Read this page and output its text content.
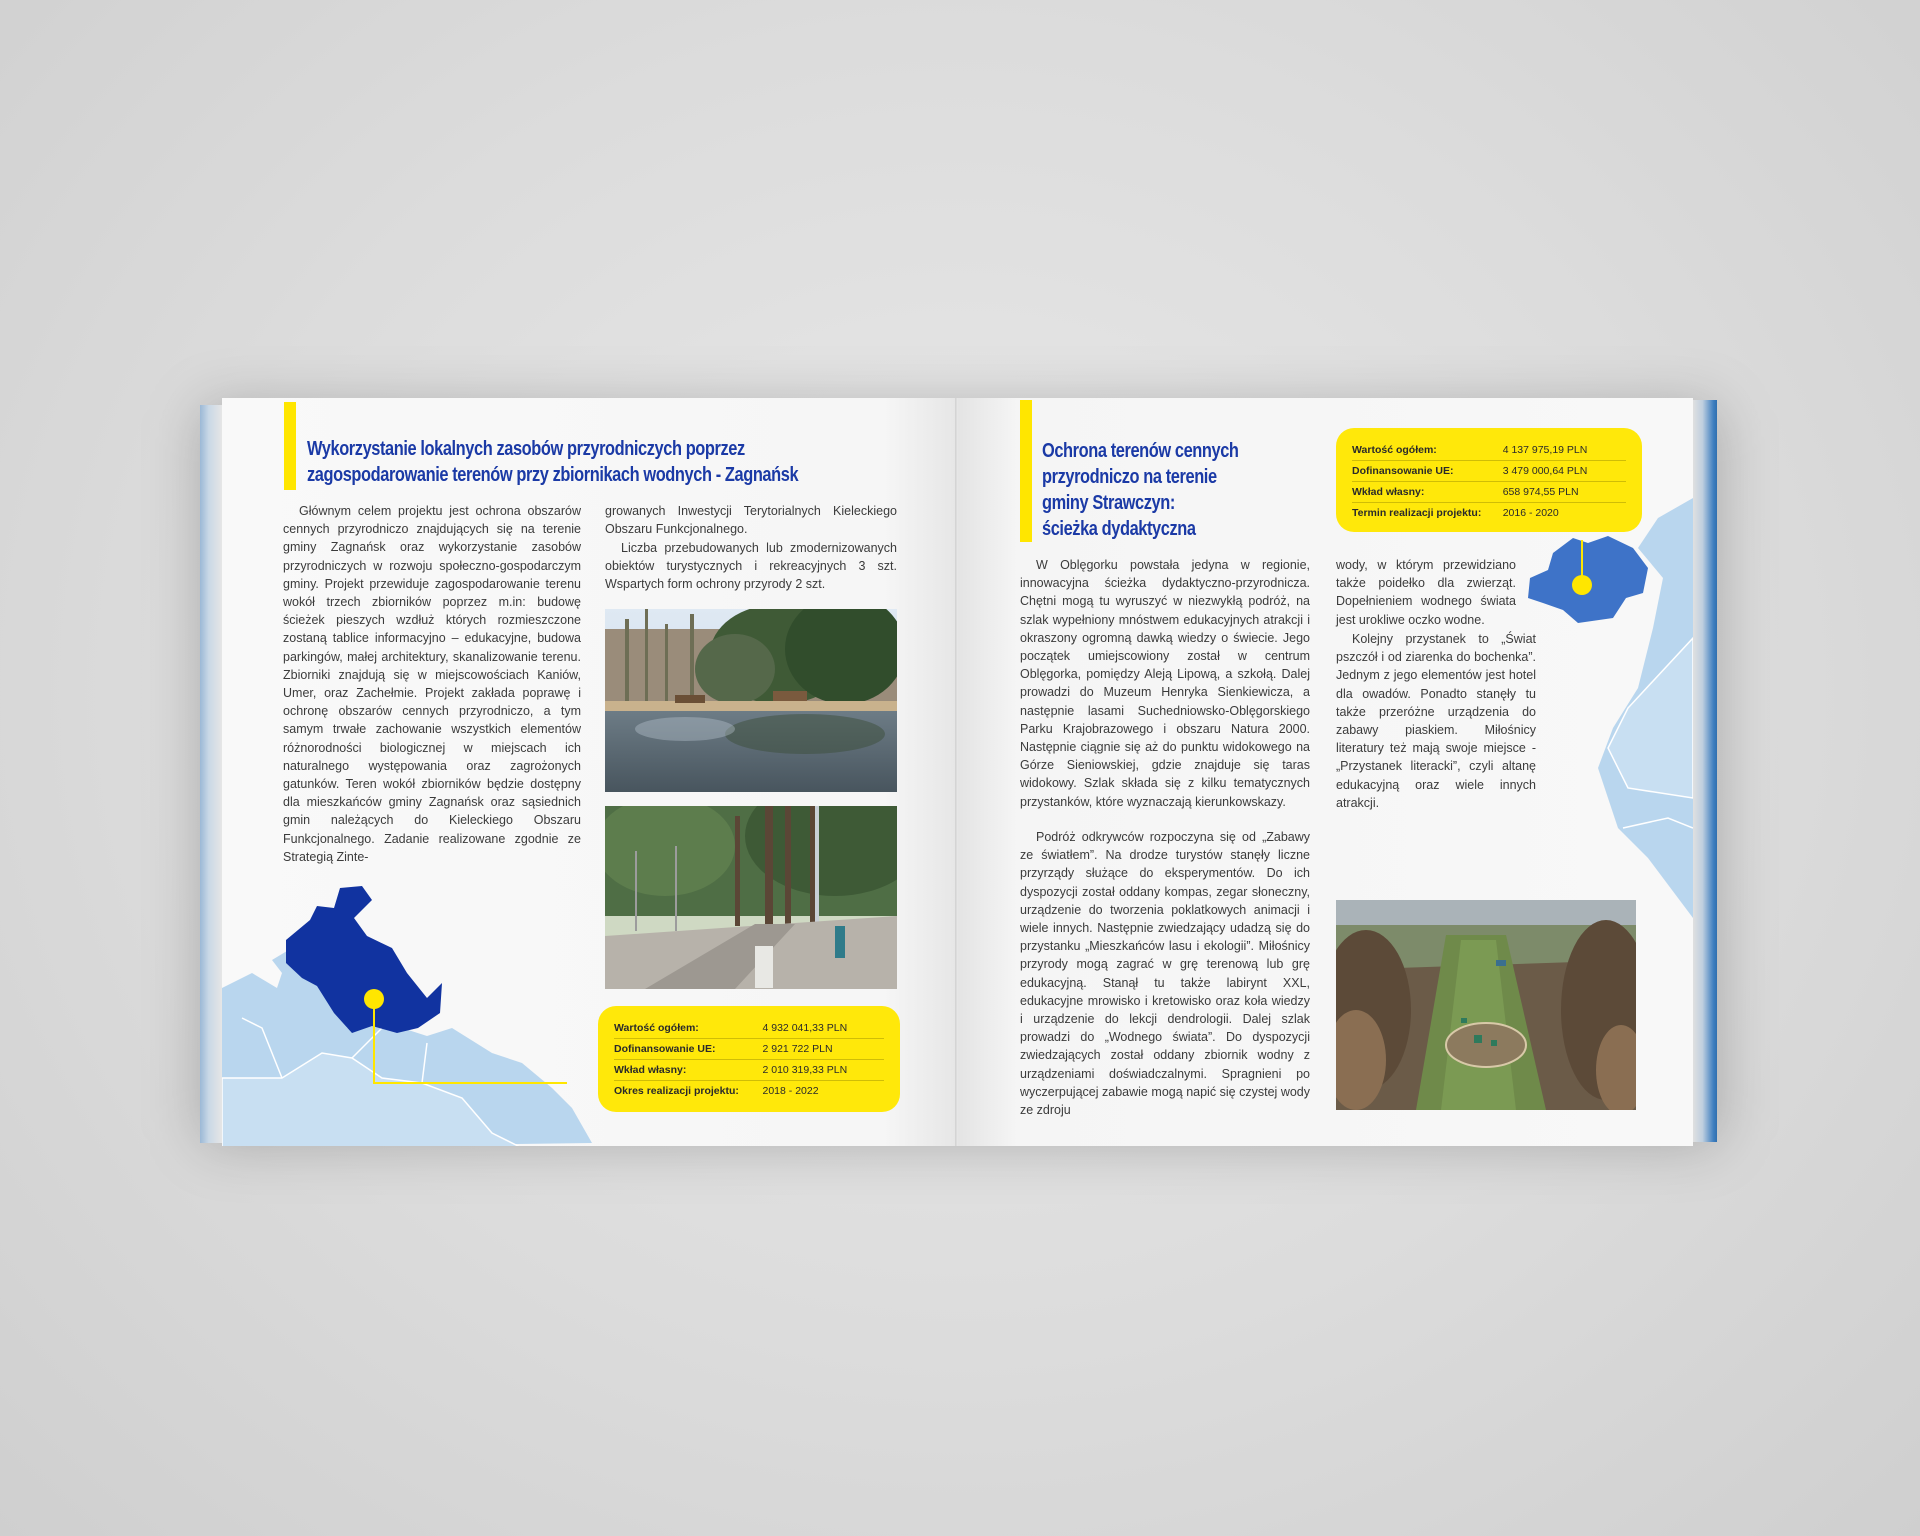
Wykorzystanie lokalnych zasobów przyrodniczych poprzez
zagospodarowanie terenów przy zbiornikach wodnych - Zagnańsk

Głównym celem projektu jest ochrona obszarów cennych przyrodniczo znajdujących się na terenie gminy Zagnańsk oraz wykorzystanie zasobów przyrodniczych w rozwoju społeczno-gospodarczym gminy. Projekt przewiduje zagospodarowanie terenu wokół trzech zbiorników poprzez m.in: budowę ścieżek pieszych wzdłuż których rozmieszczone zostaną tablice informacyjno – edukacyjne, budowa parkingów, małej architektury, skanalizowanie terenu. Zbiorniki znajdują się w miejscowościach Kaniów, Umer, oraz Zachełmie. Projekt zakłada poprawę i ochronę obszarów cennych przyrodniczo, a tym samym trwałe zachowanie wszystkich elementów różnorodności biologicznej w miejscach ich naturalnego występowania oraz zagrożonych gatunków. Teren wokół zbiorników będzie dostępny dla mieszkańców gminy Zagnańsk oraz sąsiednich gmin należących do Kieleckiego Obszaru Funkcjonalnego. Zadanie realizowane zgodnie ze Strategią Zinte-

growanych Inwestycji Terytorialnych Kieleckiego Obszaru Funkcjonalnego.

Liczba przebudowanych lub zmodernizowanych obiektów turystycznych i rekreacyjnych 3 szt. Wspartych form ochrony przyrody 2 szt.

Wartość ogółem:	4 932 041,33 PLN
Dofinansowanie UE:	2 921 722 PLN
Wkład własny:	2 010 319,33 PLN
Okres realizacji projektu:	2018 - 2022
Ochrona terenów cennych
przyrodniczo na terenie
gminy Strawczyn:
ścieżka dydaktyczna
Wartość ogółem:	4 137 975,19 PLN
Dofinansowanie UE:	3 479 000,64 PLN
Wkład własny:	658 974,55 PLN
Termin realizacji projektu:	2016 - 2020

W Oblęgorku powstała jedyna w regionie, innowacyjna ścieżka dydaktyczno-przyrodnicza. Chętni mogą tu wyruszyć w niezwykłą podróż, na szlak wypełniony mnóstwem edukacyjnych atrakcji i okraszony ogromną dawką wiedzy o świecie. Jego początek umiejscowiony został w centrum Oblęgorka, pomiędzy Aleją Lipową, a szkołą. Dalej prowadzi do Muzeum Henryka Sienkiewicza, a następnie lasami Suchedniowsko-Oblęgorskiego Parku Krajobrazowego i obszaru Natura 2000. Następnie ciągnie się aż do punktu widokowego na Górze Sieniowskiej, gdzie znajduje się taras widokowy. Szlak składa się z kilku tematycznych przystanków, które wyznaczają kierunkowskazy.

Podróż odkrywców rozpoczyna się od „Zabawy ze światłem”. Na drodze turystów stanęły liczne przyrządy służące do eksperymentów. Do ich dyspozycji został oddany kompas, zegar słoneczny, urządzenie do tworzenia poklatkowych animacji i wiele innych. Następnie zwiedzający udadzą się do przystanku „Mieszkańców lasu i ekologii”. Miłośnicy przyrody mogą zagrać w grę terenową lub grę edukacyjną. Stanął tu także labirynt XXL, edukacyjne mrowisko i kretowisko oraz koła wiedzy i urządzenie do lekcji dendrologii. Dalej szlak prowadzi do „Wodnego świata”. Do dyspozycji zwiedzających został oddany zbiornik wodny z urządzeniami doświadczalnymi. Spragnieni po wyczerpującej zabawie mogą napić się czystej wody ze zdroju

wody, w którym przewidziano także poidełko dla zwierząt. Dopełnieniem wodnego świata jest urokliwe oczko wodne.

Kolejny przystanek to „Świat pszczół i od ziarenka do bochenka”. Jednym z jego elementów jest hotel dla owadów. Ponadto stanęły tu także przeróżne urządzenia do zabawy piaskiem. Miłośnicy literatury też mają swoje miejsce - „Przystanek literacki”, czyli altanę edukacyjną oraz wiele innych atrakcji.
